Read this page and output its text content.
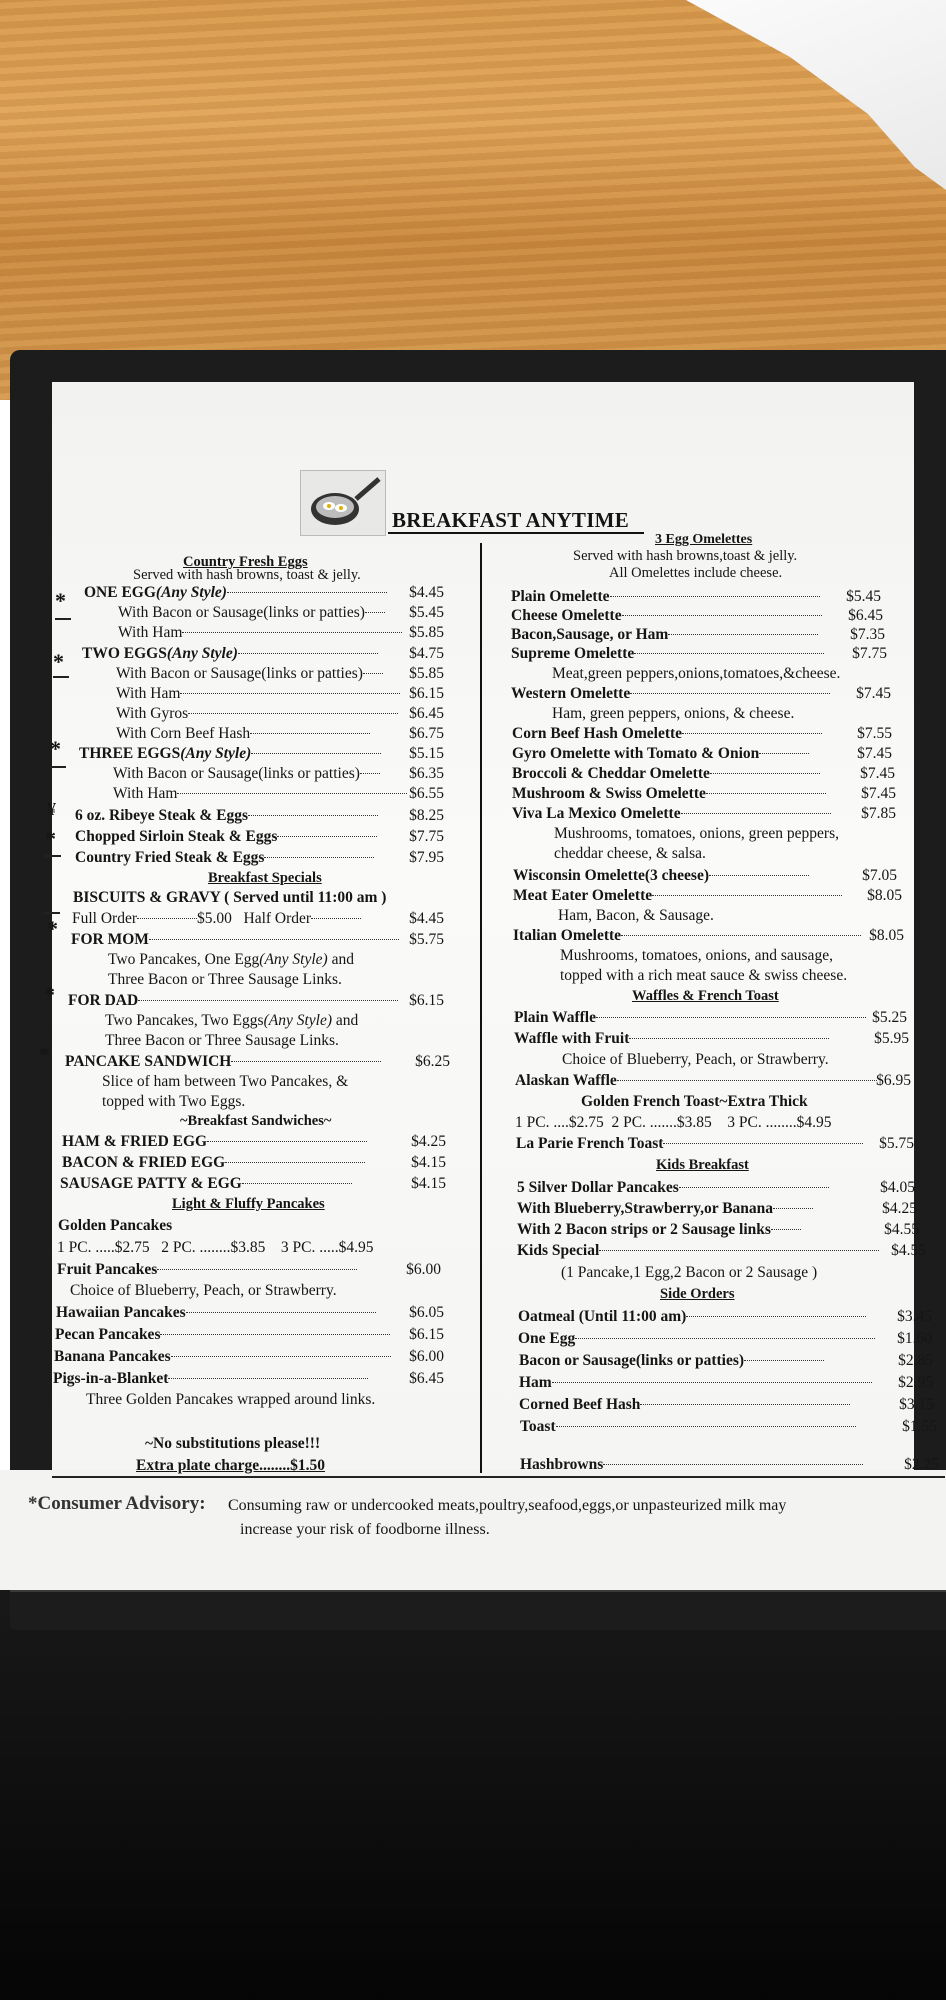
BREAKFAST ANYTIME
Country Fresh Eggs
Served with hash browns, toast & jelly.
ONE EGG(Any Style)	$4.45
With Bacon or Sausage(links or patties)	$5.45
With Ham	$5.85
TWO EGGS(Any Style)	$4.75
With Bacon or Sausage(links or patties)	$5.85
With Ham	$6.15
With Gyros	$6.45
With Corn Beef Hash	$6.75
THREE EGGS(Any Style)	$5.15
With Bacon or Sausage(links or patties)	$6.35
With Ham	$6.55
6 oz. Ribeye Steak & Eggs	$8.25
Chopped Sirloin Steak & Eggs	$7.75
Country Fried Steak & Eggs	$7.95
Breakfast Specials
BISCUITS & GRAVY ( Served until 11:00 am )
Full Order	$5.00 Half Order	$4.45
FOR MOM	$5.75
Two Pancakes, One Egg(Any Style) and
Three Bacon or Three Sausage Links.
FOR DAD	$6.15
Two Pancakes, Two Eggs(Any Style) and
Three Bacon or Three Sausage Links.
PANCAKE SANDWICH	$6.25
Slice of ham between Two Pancakes, &
topped with Two Eggs.
~Breakfast Sandwiches~
HAM & FRIED EGG	$4.25
BACON & FRIED EGG	$4.15
SAUSAGE PATTY & EGG	$4.15
Light & Fluffy Pancakes
Golden Pancakes
1 PC. .....$2.75   2 PC. ........$3.85    3 PC. .....$4.95
Fruit Pancakes	$6.00
Choice of Blueberry, Peach, or Strawberry.
Hawaiian Pancakes	$6.05
Pecan Pancakes	$6.15
Banana Pancakes	$6.00
Pigs-in-a-Blanket	$6.45
Three Golden Pancakes wrapped around links.
~No substitutions please!!!
Extra plate charge........$1.50
*
*
*
¥
*
*
*
*
3 Egg Omelettes
Served with hash browns,toast & jelly.
All Omelettes include cheese.
Plain Omelette	$5.45
Cheese Omelette	$6.45
Bacon,Sausage, or Ham	$7.35
Supreme Omelette	$7.75
Meat,green peppers,onions,tomatoes,&cheese.
Western Omelette	$7.45
Ham, green peppers, onions, & cheese.
Corn Beef Hash Omelette	$7.55
Gyro Omelette with Tomato & Onion	$7.45
Broccoli & Cheddar Omelette	$7.45
Mushroom & Swiss Omelette	$7.45
Viva La Mexico Omelette	$7.85
Mushrooms, tomatoes, onions, green peppers,
cheddar cheese, & salsa.
Wisconsin Omelette(3 cheese)	$7.05
Meat Eater Omelette	$8.05
Ham, Bacon, & Sausage.
Italian Omelette	$8.05
Mushrooms, tomatoes, onions, and sausage,
topped with a rich meat sauce & swiss cheese.
Waffles & French Toast
Plain Waffle	$5.25
Waffle with Fruit	$5.95
Choice of Blueberry, Peach, or Strawberry.
Alaskan Waffle	$6.95
Golden French Toast~Extra Thick
1 PC. ....$2.75  2 PC. .......$3.85    3 PC. ........$4.95
La Parie French Toast	$5.75
Kids Breakfast
5 Silver Dollar Pancakes	$4.05
With Blueberry,Strawberry,or Banana	$4.25
With 2 Bacon strips or 2 Sausage links	$4.55
Kids Special	$4.55
(1 Pancake,1 Egg,2 Bacon or 2 Sausage )
Side Orders
Oatmeal (Until 11:00 am)	$3.45
One Egg	$1.60
Bacon or Sausage(links or patties)	$2.85
Ham	$2.95
Corned Beef Hash	$3.15
Toast	$1.55
Hashbrowns	$2.25
*Consumer Advisory: Consuming raw or undercooked meats,poultry,seafood,eggs,or unpasteurized milk may
increase your risk of foodborne illness.
